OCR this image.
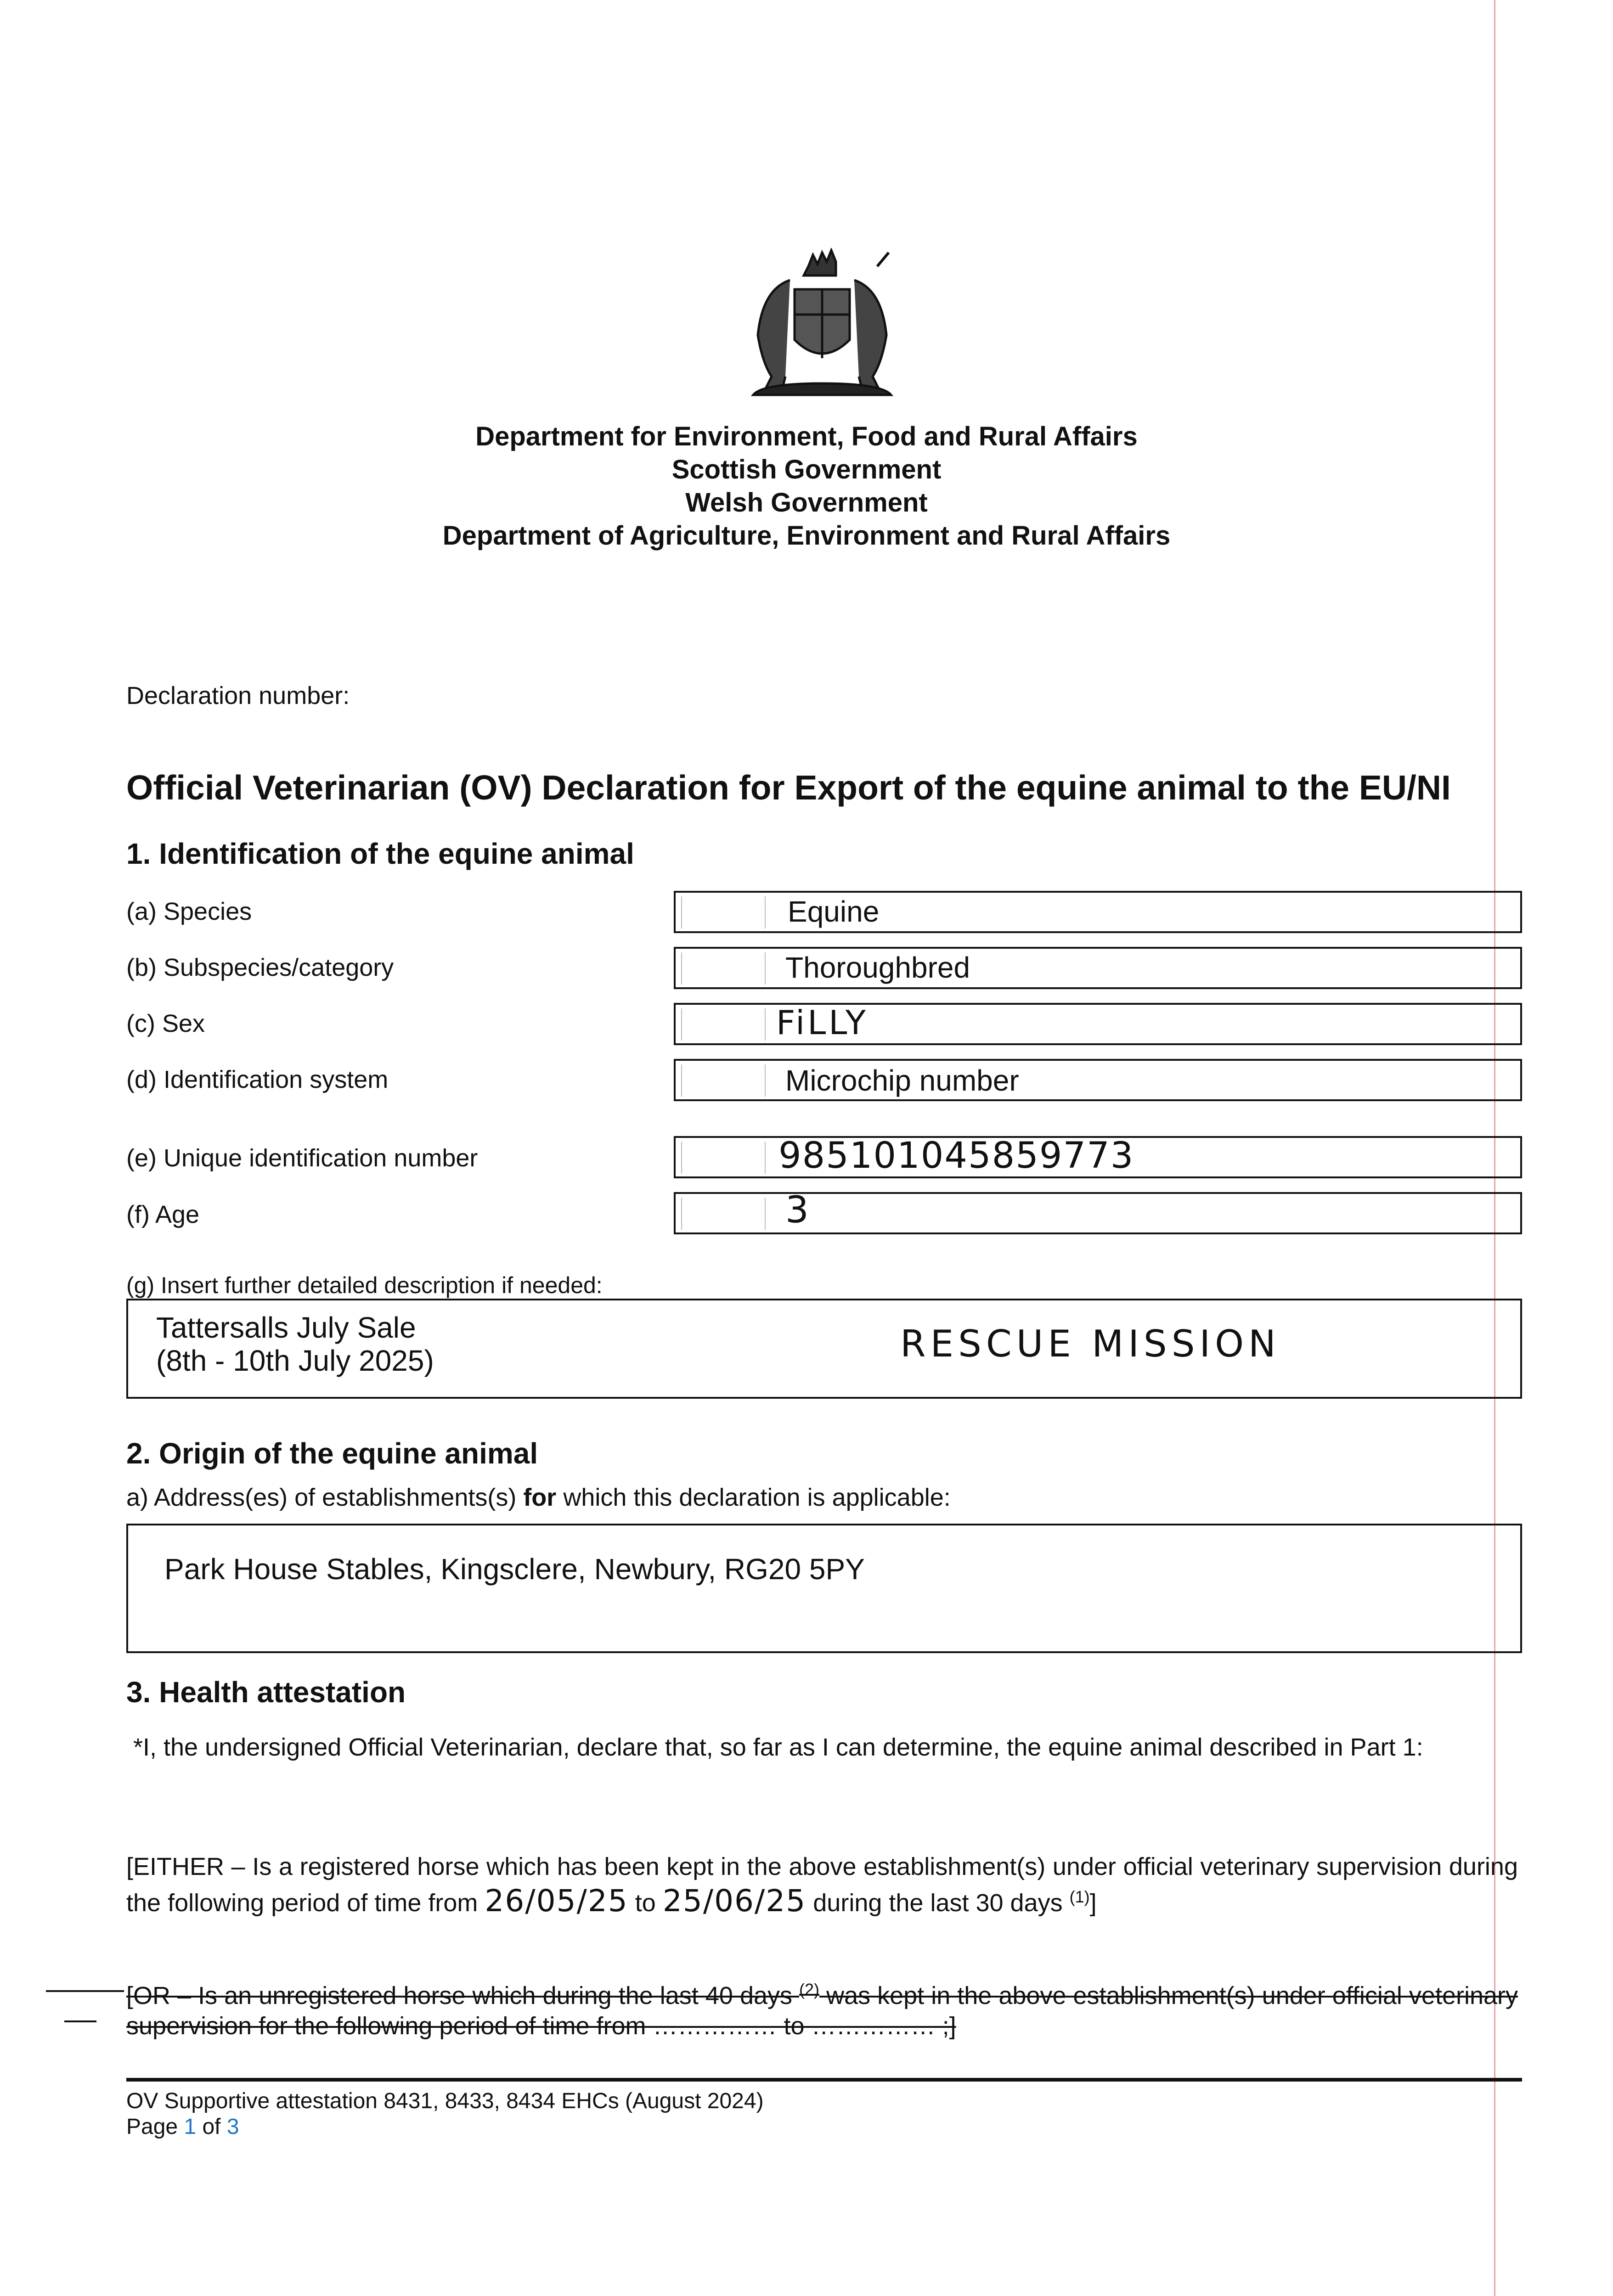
Department for Environment, Food and Rural Affairs
Scottish Government
Welsh Government
Department of Agriculture, Environment and Rural Affairs
Declaration number:
Official Veterinarian (OV) Declaration for Export of the equine animal to the EU/NI
1. Identification of the equine animal
(a) Species	Equine
(b) Subspecies/category	Thoroughbred
(c) Sex	FiLLY
(d) Identification system	Microchip number
(e) Unique identification number	985101045859773
(f) Age	3
(g) Insert further detailed description if needed:
Tattersalls July Sale
(8th - 10th July 2025)	RESCUE MISSION
2. Origin of the equine animal
a) Address(es) of establishments(s) for which this declaration is applicable:
Park House Stables, Kingsclere, Newbury, RG20 5PY
3. Health attestation
*I, the undersigned Official Veterinarian, declare that, so far as I can determine, the equine animal described in Part 1:
[EITHER – Is a registered horse which has been kept in the above establishment(s) under official veterinary supervision during the following period of time from 26/05/25 to 25/06/25 during the last 30 days $^{(1)}$]
[OR – Is an unregistered horse which during the last 40 days $^{(2)}$ was kept in the above establishment(s) under official veterinary supervision for the following period of time from …………… to …………… ;]
OV Supportive attestation 8431, 8433, 8434 EHCs (August 2024)
Page 1 of 3
